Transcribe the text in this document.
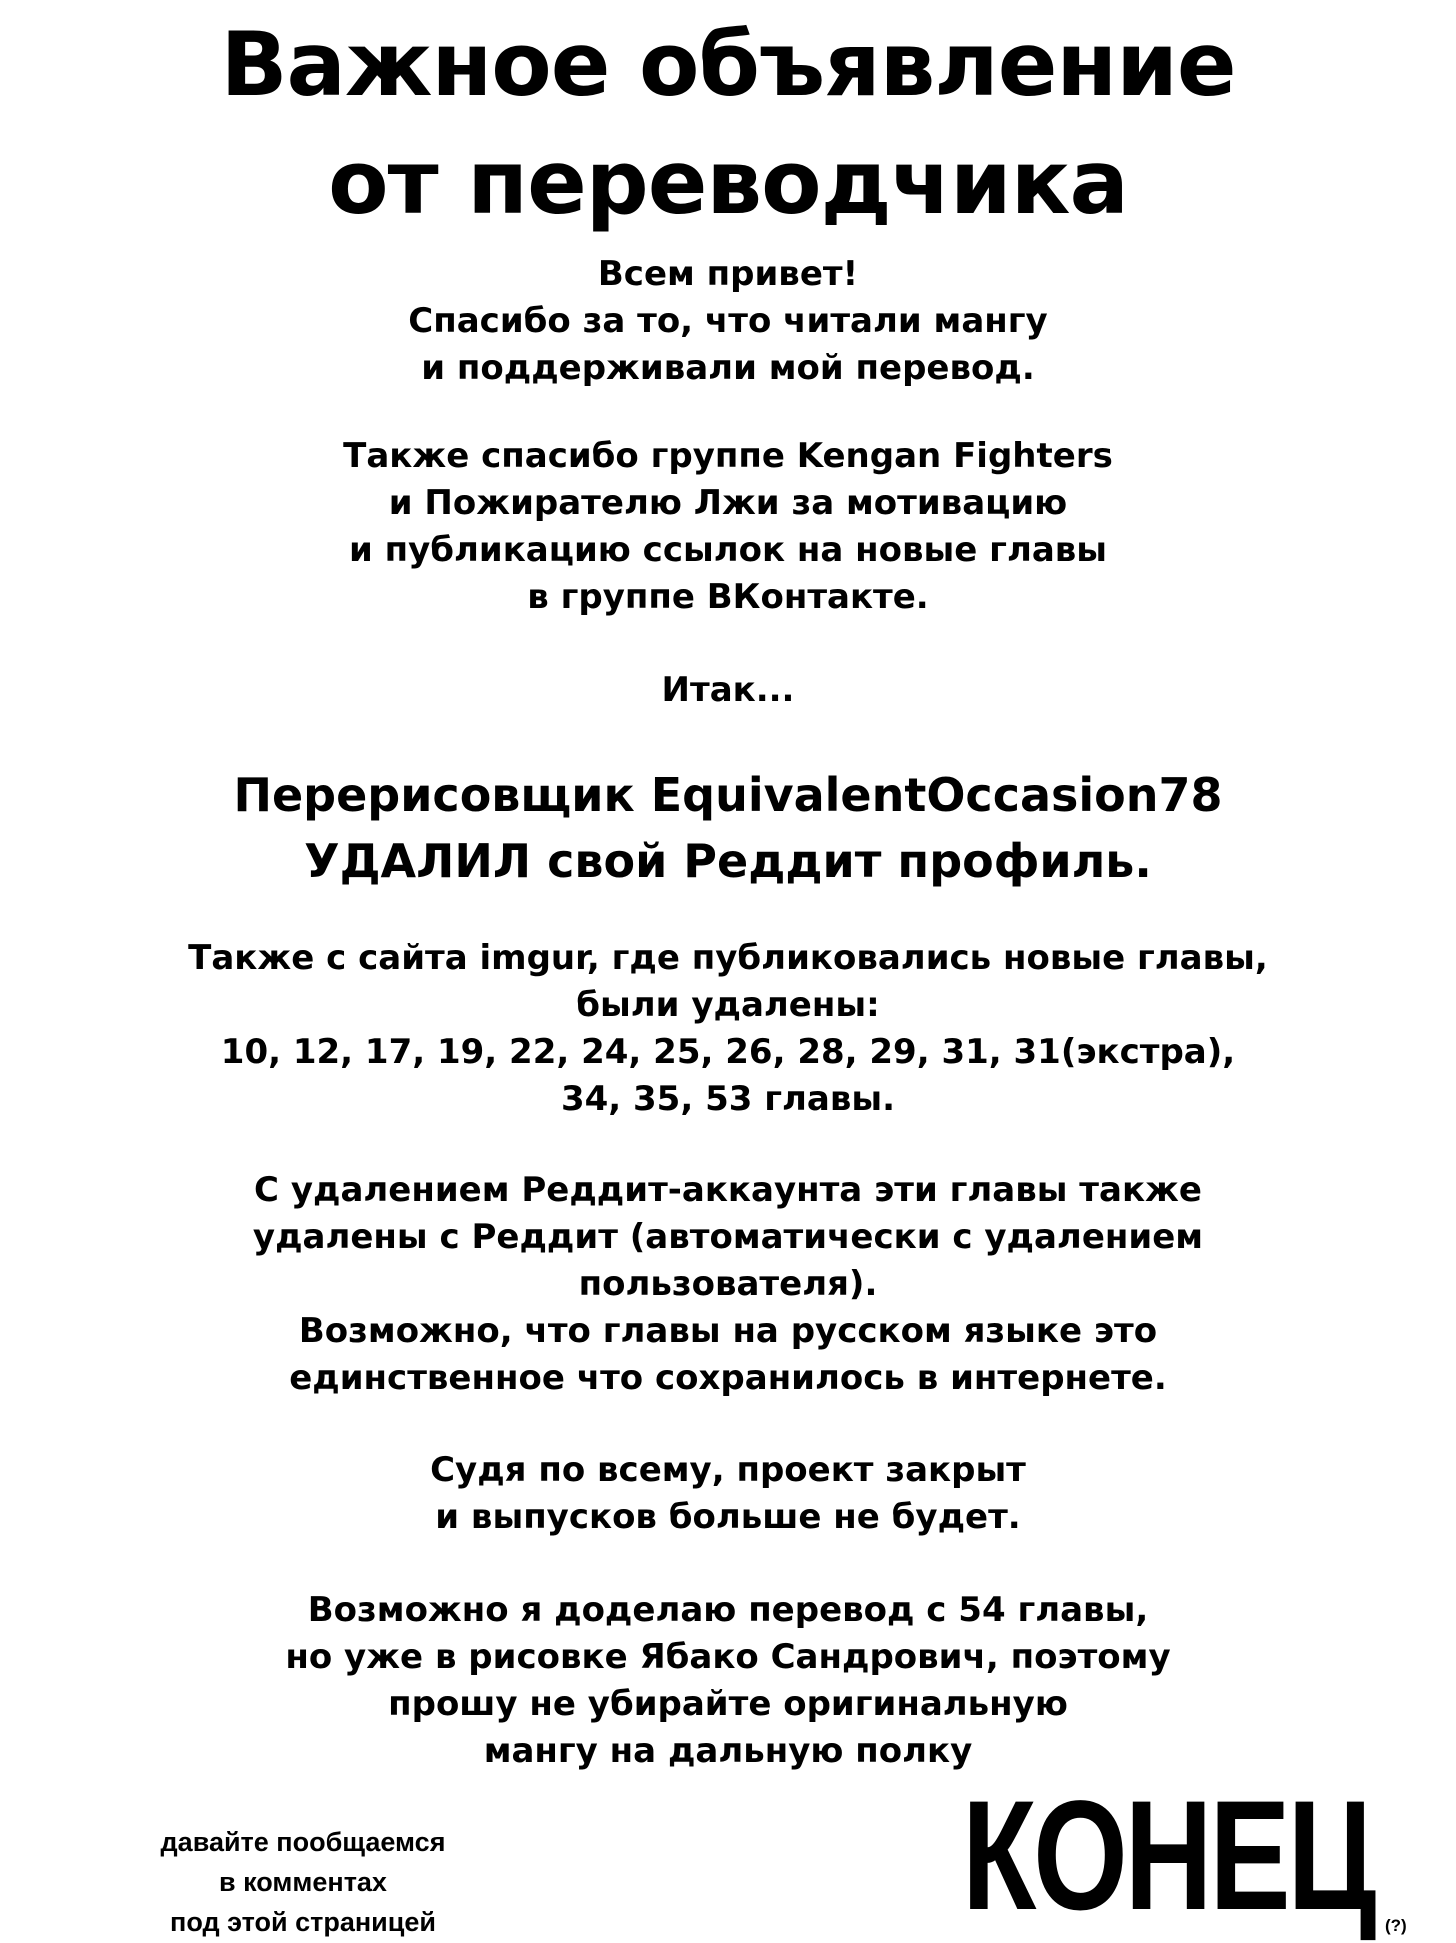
Важное объявление
от переводчика
Всем привет!
Спасибо за то, что читали мангу
и поддерживали мой перевод.
Также спасибо группе Kengan Fighters
и Пожирателю Лжи за мотивацию
и публикацию ссылок на новые главы
в группе ВКонтакте.
Итак...
Перерисовщик EquivalentOccasion78
УДАЛИЛ свой Реддит профиль.
Также с сайта imgur, где публиковались новые главы,
были удалены:
10, 12, 17, 19, 22, 24, 25, 26, 28, 29, 31, 31(экстра),
34, 35, 53 главы.
С удалением Реддит-аккаунта эти главы также
удалены с Реддит (автоматически с удалением
пользователя).
Возможно, что главы на русском языке это
единственное что сохранилось в интернете.
Судя по всему, проект закрыт
и выпусков больше не будет.
Возможно я доделаю перевод с 54 главы,
но уже в рисовке Ябако Сандрович, поэтому
прошу не убирайте оригинальную
мангу на дальную полку
давайте пообщаемся
в комментах
под этой страницей	КОНЕЦ (?)
